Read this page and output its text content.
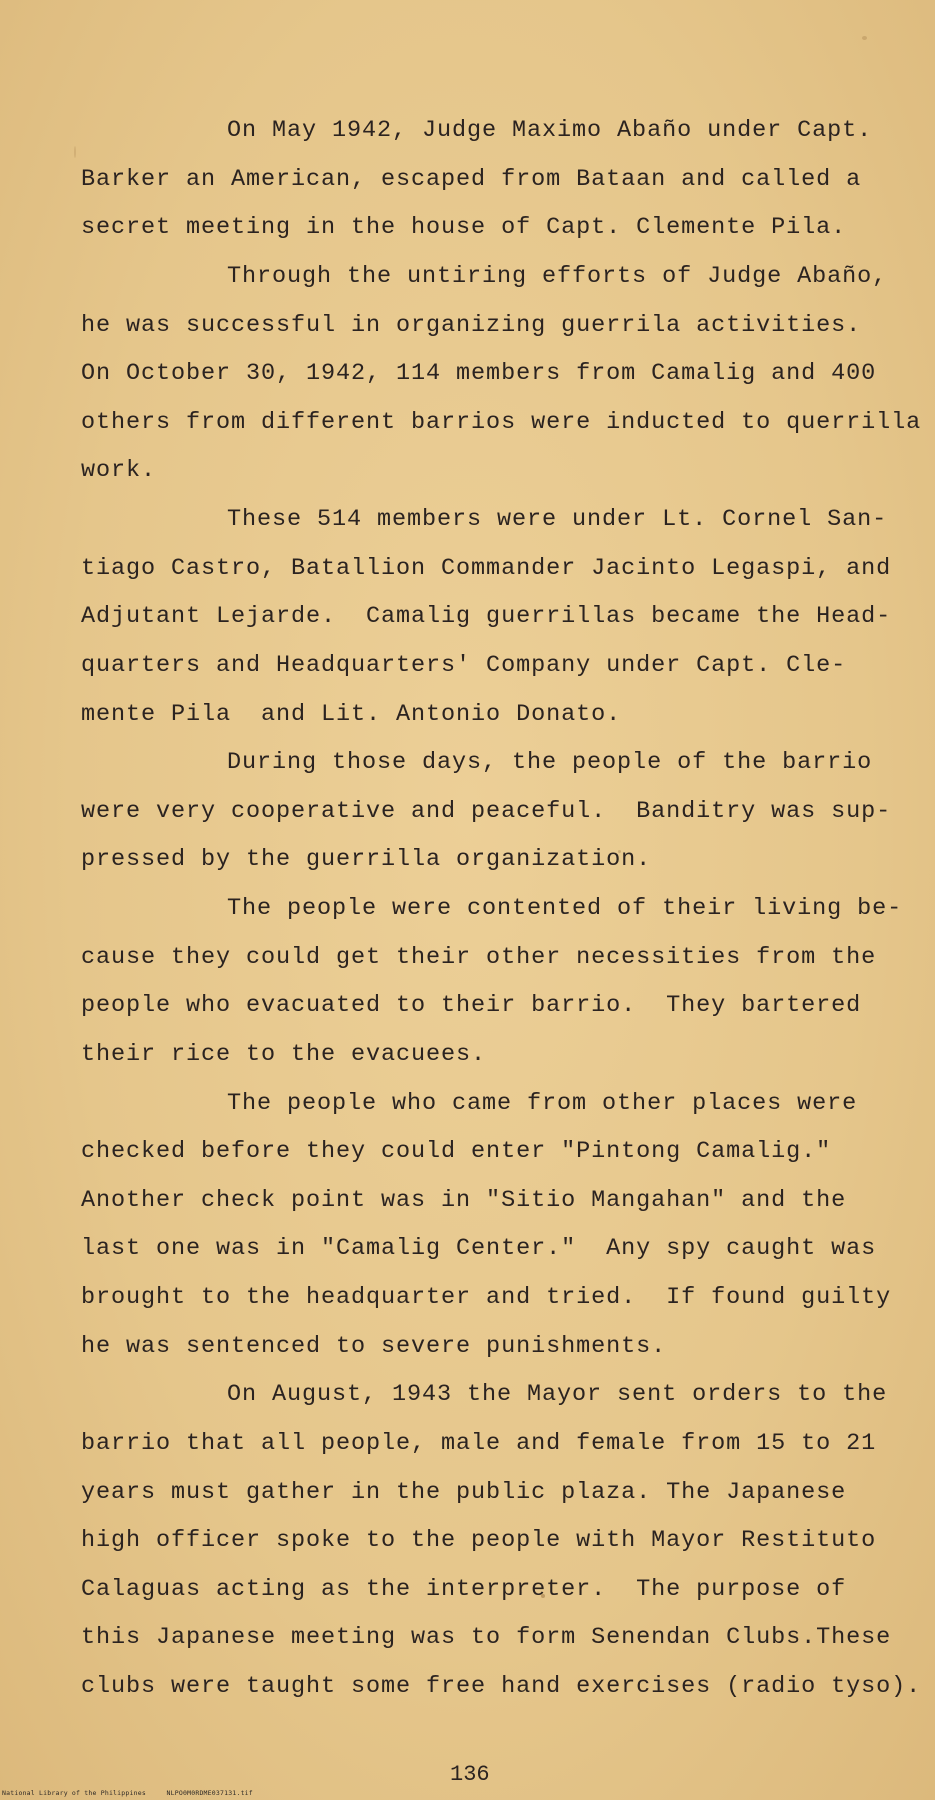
On May 1942, Judge Maximo Abaño under Capt.
Barker an American, escaped from Bataan and called a
secret meeting in the house of Capt. Clemente Pila.
Through the untiring efforts of Judge Abaño,
he was successful in organizing guerrila activities.
On October 30, 1942, 114 members from Camalig and 400
others from different barrios were inducted to querrilla
work.
These 514 members were under Lt. Cornel San-
tiago Castro, Batallion Commander Jacinto Legaspi, and
Adjutant Lejarde.  Camalig guerrillas became the Head-
quarters and Headquarters' Company under Capt. Cle-
mente Pila  and Lit. Antonio Donato.
During those days, the people of the barrio
were very cooperative and peaceful.  Banditry was sup-
pressed by the guerrilla organization.
The people were contented of their living be-
cause they could get their other necessities from the
people who evacuated to their barrio.  They bartered
their rice to the evacuees.
The people who came from other places were
checked before they could enter "Pintong Camalig."
Another check point was in "Sitio Mangahan" and the
last one was in "Camalig Center."  Any spy caught was
brought to the headquarter and tried.  If found guilty
he was sentenced to severe punishments.
On August, 1943 the Mayor sent orders to the
barrio that all people, male and female from 15 to 21
years must gather in the public plaza. The Japanese
high officer spoke to the people with Mayor Restituto
Calaguas acting as the interpreter.  The purpose of
this Japanese meeting was to form Senendan Clubs.These
clubs were taught some free hand exercises (radio tyso).
136
National Library of the Philippines     NLPO0M0RDME037131.tif
